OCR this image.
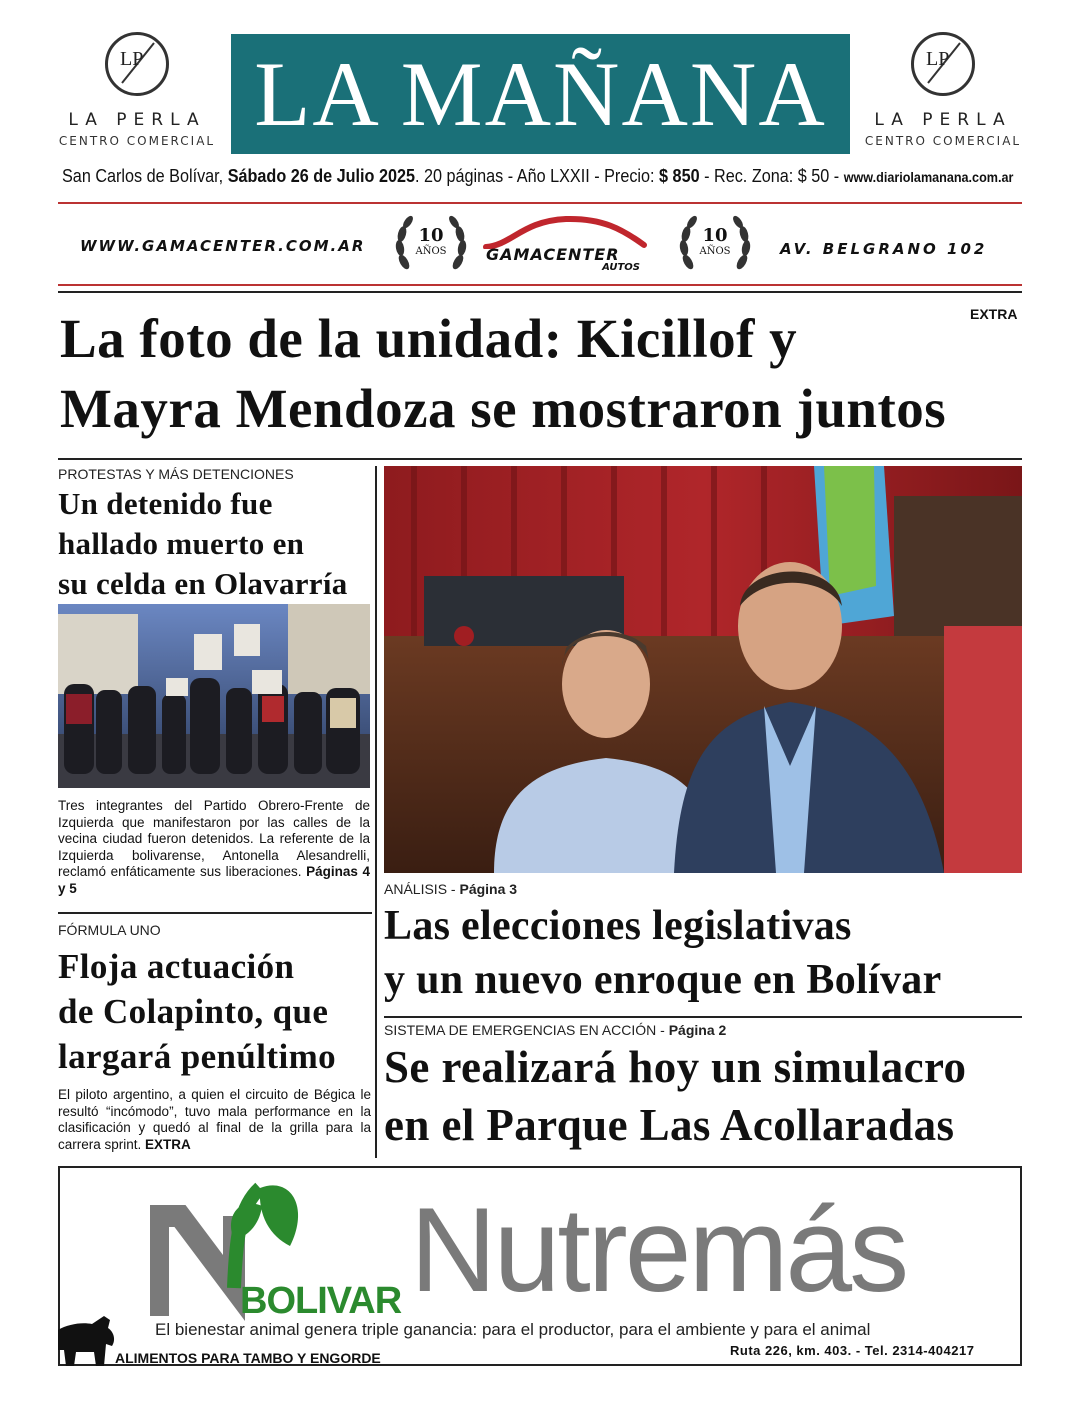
LP
LA PERLA
CENTRO COMERCIAL LA MAÑANA	LP
LA PERLA
CENTRO COMERCIAL
San Carlos de Bolívar, Sábado 26 de Julio 2025. 20 páginas - Año LXXII - Precio: $ 850 - Rec. Zona: $ 50 - www.diariolamanana.com.ar
WWW.GAMACENTER.COM.AR	10
AÑOS	GAMACENTER
AUTOS
10
AÑOS	AV. BELGRANO 102
EXTRA
La foto de la unidad: Kicillof y
Mayra Mendoza se mostraron juntos
PROTESTAS Y MÁS DETENCIONES
Un detenido fue
hallado muerto en
su celda en Olavarría
Tres integrantes del Partido Obrero-Frente de Izquierda que manifestaron por las calles de la vecina ciudad fueron detenidos. La referente de la Izquierda bolivarense, Antonella Alesandrelli, reclamó enfáticamente sus liberaciones. Páginas 4 y 5
FÓRMULA UNO
Floja actuación
de Colapinto, que
largará penúltimo
El piloto argentino, a quien el circuito de Bégica le resultó “incómodo”, tuvo mala performance en la clasificación y quedó al final de la grilla para la carrera sprint. EXTRA
ANÁLISIS - Página 3
Las elecciones legislativas
y un nuevo enroque en Bolívar
SISTEMA DE EMERGENCIAS EN ACCIÓN - Página 2
Se realizará hoy un simulacro
en el Parque Las Acollaradas
Nutremás
BOLIVAR
El bienestar animal genera triple ganancia: para el productor, para el ambiente y para el animal
ALIMENTOS PARA TAMBO Y ENGORDE	Ruta 226, km. 403. - Tel. 2314-404217
